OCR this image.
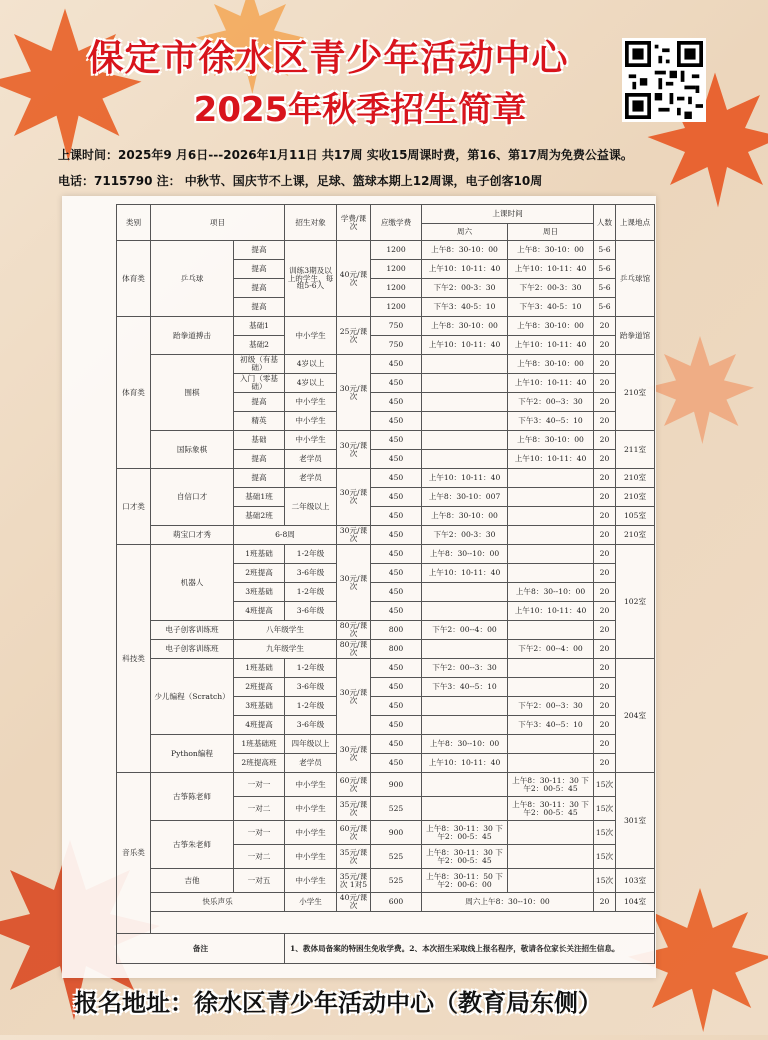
保定市徐水区青少年活动中心
2025年秋季招生简章
上课时间：2025年9 月6日---2026年1月11日 共17周 实收15周课时费，第16、第17周为免费公益课。
电话：7115790 注： 中秋节、国庆节不上课，足球、篮球本期上12周课，电子创客10周
类别	项目		招生对象	学费/课次	应缴学费	上课时间		人数	上课地点
						周六	周日		
体育类	乒乓球	提高	训练3期及以上的学生，每组5-6人	40元/课次	1200	上午8：30-10：00	上午8：30-10：00	5-6	乒乓球馆
		提高			1200	上午10：10-11：40	上午10：10-11：40	5-6	
		提高			1200	下午2：00-3：30	下午2：00-3：30	5-6	
		提高			1200	下午3：40-5：10	下午3：40-5：10	5-6	
体育类	跆拳道搏击	基础1	中小学生	25元/课次	750	上午8：30-10：00	上午8：30-10：00	20	跆拳道馆
		基础2			750	上午10：10-11：40	上午10：10-11：40	20	
	围棋	初级（有基础）	4岁以上	30元/课次	450		上午8：30-10：00	20	210室
		入门（零基础）	4岁以上		450		上午10：10-11：40	20	
		提高	中小学生		450		下午2：00--3：30	20	
		精英	中小学生		450		下午3：40--5：10	20	
	国际象棋	基础	中小学生	30元/课次	450		上午8：30-10：00	20	211室
		提高	老学员		450		上午10：10-11：40	20	
口才类	自信口才	提高	老学员	30元/课次	450	上午10：10-11：40		20	210室
		基础1班	二年级以上		450	上午8：30-10：007		20	210室
		基础2班			450	上午8：30-10：00		20	105室
	萌宝口才秀	6-8周		30元/课次	450	下午2：00-3：30		20	210室
科技类	机器人	1班基础	1-2年级	30元/课次	450	上午8：30--10：00		20	102室
		2班提高	3-6年级		450	上午10：10-11：40		20	
		3班基础	1-2年级		450		上午8：30--10：00	20	
		4班提高	3-6年级		450		上午10：10-11：40	20	
	电子创客训练班	八年级学生		80元/课次	800	下午2：00--4：00		20	
	电子创客训练班	九年级学生		80元/课次	800		下午2：00--4：00	20	
	少儿编程（Scratch）	1班基础	1-2年级	30元/课次	450	下午2：00--3：30		20	204室
		2班提高	3-6年级		450	下午3：40--5：10		20	
		3班基础	1-2年级		450		下午2：00--3：30	20	
		4班提高	3-6年级		450		下午3：40--5：10	20	
	Python编程	1班基础班	四年级以上	30元/课次	450	上午8：30--10：00		20	
		2班提高班	老学员		450	上午10：10-11：40		20	
音乐类	古筝陈老师	一对一	中小学生	60元/课次	900		上午8：30-11：30 下午2：00-5：45	15次	301室
		一对二	中小学生	35元/课次	525		上午8：30-11：30 下午2：00-5：45	15次	
	古筝朱老师	一对一	中小学生	60元/课次	900	上午8：30-11：30 下午2：00-5：45		15次	
		一对二	中小学生	35元/课次	525	上午8：30-11：30 下午2：00-5：45		15次	
	吉他	一对五	中小学生	35元/课次 1对5	525	上午8：30-11：50 下午2：00-6：00		15次	103室
	快乐声乐		小学生	40元/课次	600	周六上午8：30--10：00		20	104室

备注			1、教体局备案的特困生免收学费。2、本次招生采取线上报名程序，敬请各位家长关注招生信息。						
报名地址：徐水区青少年活动中心（教育局东侧）
